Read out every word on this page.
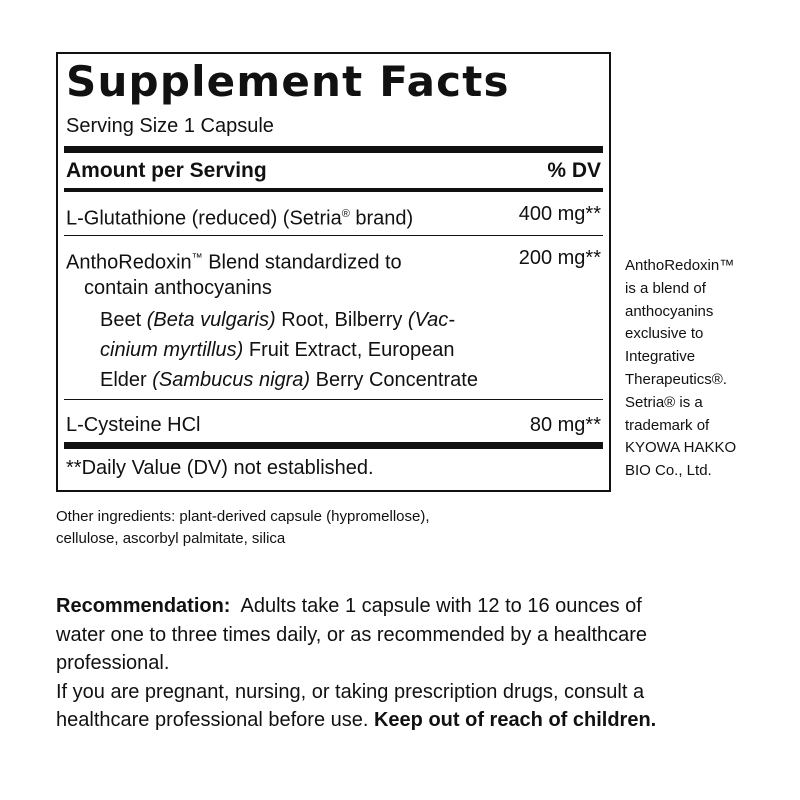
Supplement Facts
Serving Size 1 Capsule
Amount per Serving	% DV
L-Glutathione (reduced) (Setria® brand)	400 mg**
AnthoRedoxin™ Blend standardized to	200 mg**
contain anthocyanins
Beet (Beta vulgaris) Root, Bilberry (Vac-
cinium myrtillus) Fruit Extract, European
Elder (Sambucus nigra) Berry Concentrate
L-Cysteine HCl	80 mg**
**Daily Value (DV) not established.
AnthoRedoxin™
is a blend of
anthocyanins
exclusive to
Integrative
Therapeutics®.
Setria® is a
trademark of
KYOWA HAKKO
BIO Co., Ltd.
Other ingredients: plant-derived capsule (hypromellose),
cellulose, ascorbyl palmitate, silica
Recommendation:  Adults take 1 capsule with 12 to 16 ounces of
water one to three times daily, or as recommended by a healthcare
professional.
If you are pregnant, nursing, or taking prescription drugs, consult a
healthcare professional before use. Keep out of reach of children.
